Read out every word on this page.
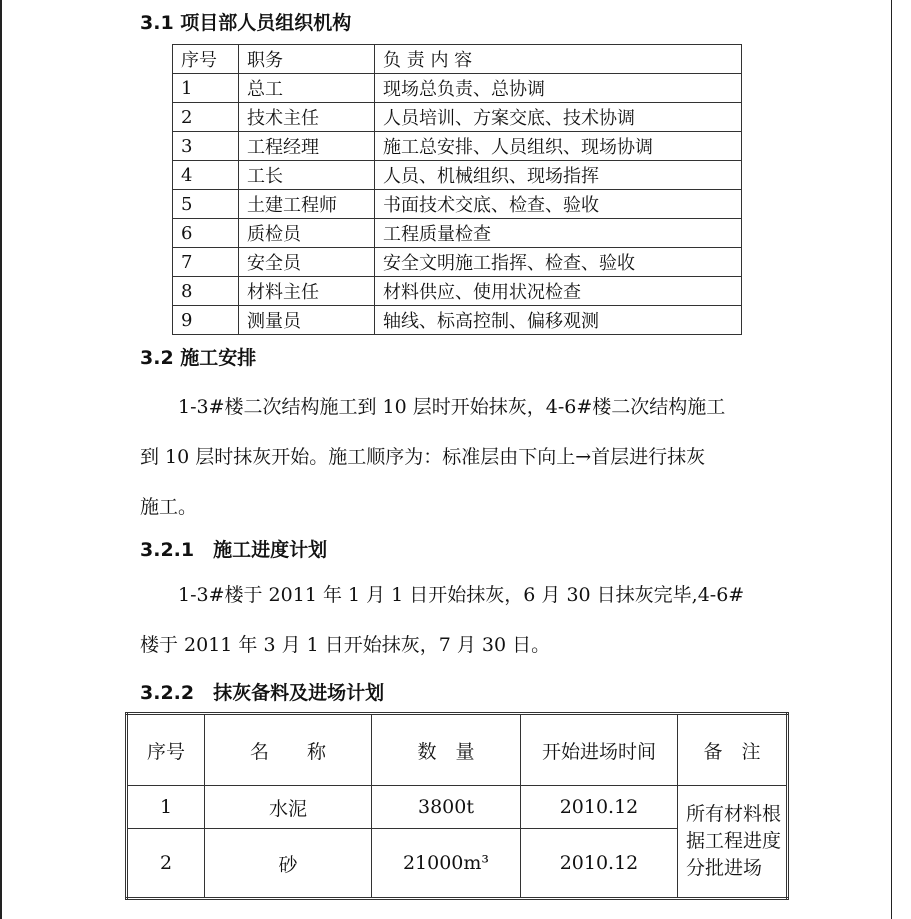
3.1 项目部人员组织机构
序号	职务	负 责 内 容
1	总工	现场总负责、总协调
2	技术主任	人员培训、方案交底、技术协调
3	工程经理	施工总安排、人员组织、现场协调
4	工长	人员、机械组织、现场指挥
5	土建工程师	书面技术交底、检查、验收
6	质检员	工程质量检查
7	安全员	安全文明施工指挥、检查、验收
8	材料主任	材料供应、使用状况检查
9	测量员	轴线、标高控制、偏移观测
3.2 施工安排
　　1-3#楼二次结构施工到 10 层时开始抹灰，4-6#楼二次结构施工
到 10 层时抹灰开始。施工顺序为：标准层由下向上→首层进行抹灰
施工。
3.2.1　施工进度计划
　　1-3#楼于 2011 年 1 月 1 日开始抹灰，6 月 30 日抹灰完毕,4-6#
楼于 2011 年 3 月 1 日开始抹灰，7 月 30 日。
3.2.2　抹灰备料及进场计划
序号	名　　称	数　量	开始进场时间	备　注
1	水泥	3800t	2010.12	所有材料根据工程进度分批进场
2	砂	21000m³	2010.12	
